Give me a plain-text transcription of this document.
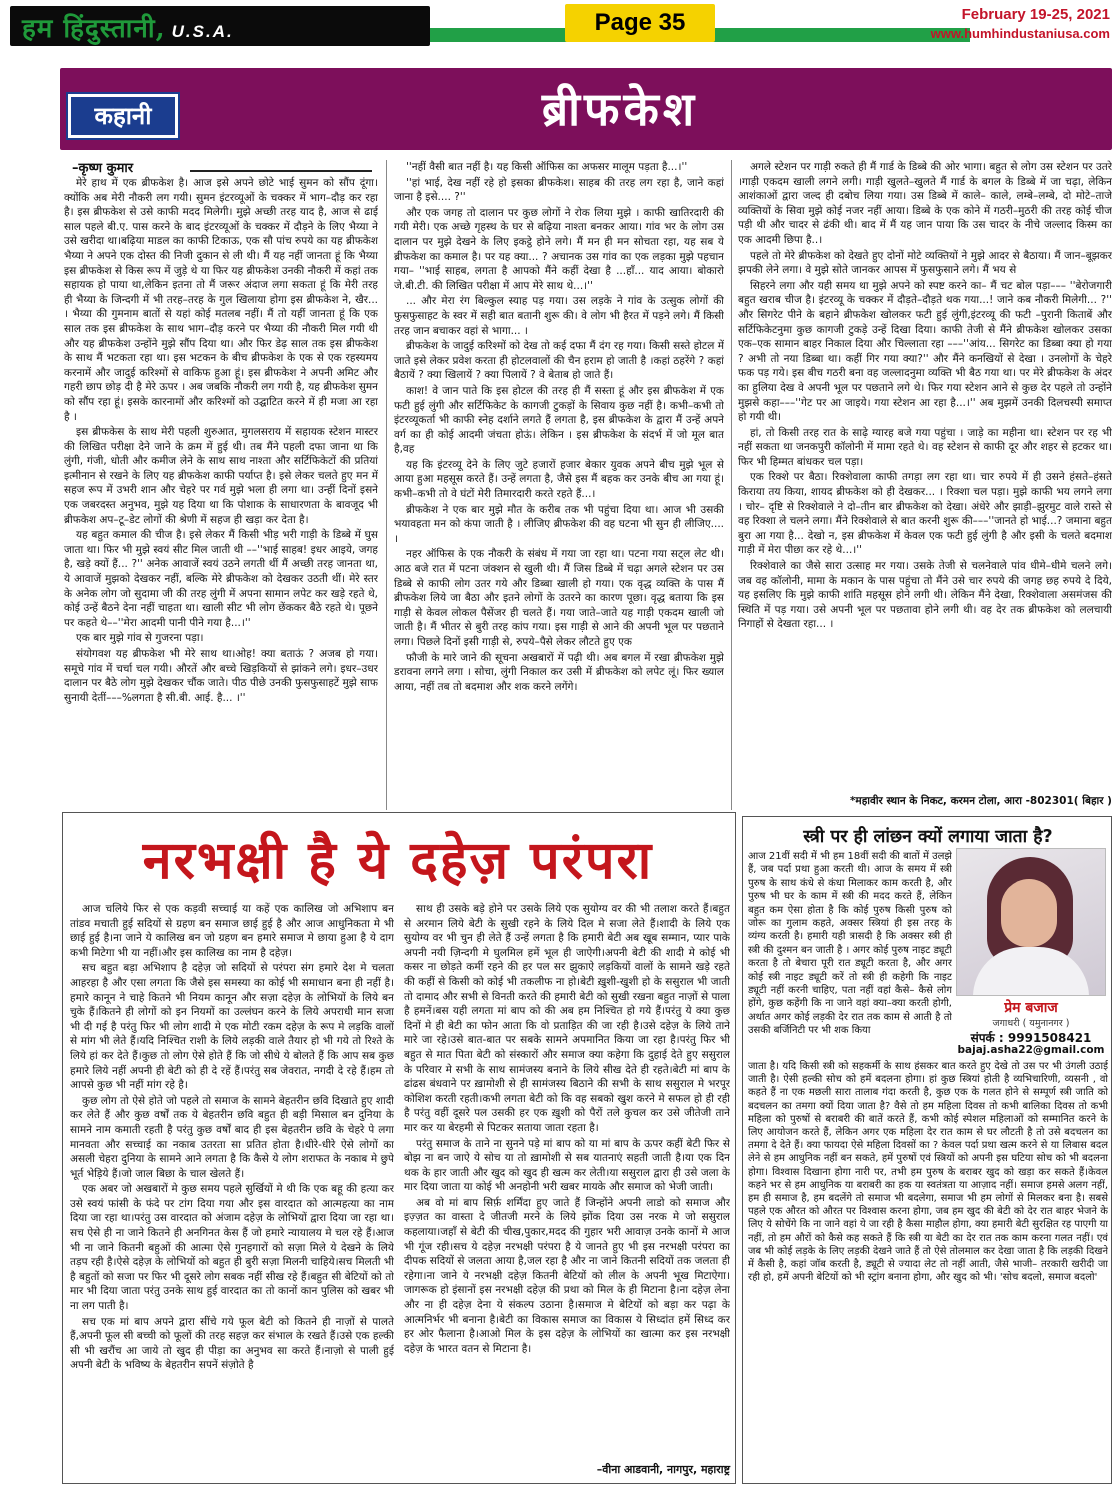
हम हिंदुस्तानी, U.S.A.	Page 35	February 19-25, 2021
www.humhindustaniusa.com
कहानी	ब्रीफकेश
–कृष्ण कुमार

मेरे हाथ में एक ब्रीफकेश है। आज इसे अपने छोटे भाई सुमन को सौंप दूंगा। क्योंकि अब मेरी नौकरी लग गयी। सुमन इंटरव्यूओं के चक्कर में भाग–दौड़ कर रहा है। इस ब्रीफकेश से उसे काफी मदद मिलेगी। मुझे अच्छी तरह याद है, आज से ढाई साल पहले बी.ए. पास करने के बाद इंटरव्यूओं के चक्कर में दौड़ने के लिए भैय्या ने उसे खरीदा था।बढ़िया माडल का काफी टिकाऊ, एक सौ पांच रुपये का यह ब्रीफकेश भैय्या ने अपने एक दोस्त की निजी दुकान से ली थी। मैं यह नहीं जानता हूं कि भैय्या इस ब्रीफकेश से किस रूप में जुड़े थे या फिर यह ब्रीफकेश उनकी नौकरी में कहां तक सहायक हो पाया था,लेकिन इतना तो मैं जरूर अंदाज लगा सकता हूं कि मेरी तरह ही भैय्या के जिन्दगी में भी तरह–तरह के गुल खिलाया होगा इस ब्रीफकेश ने, खैर... । भैय्या की गुमनाम बातों से यहां कोई मतलब नहीं। मैं तो यहीं जानता हूं कि एक साल तक इस ब्रीफकेश के साथ भाग–दौड़ करने पर भैय्या की नौकरी मिल गयी थी और यह ब्रीफकेश उन्होंने मुझे सौंप दिया था। और फिर डेढ़ साल तक इस ब्रीफकेश के साथ मैं भटकता रहा था। इस भटकन के बीच ब्रीफकेश के एक से एक रहस्यमय करनामें और जादुई करिश्मों से वाकिफ हुआ हूं। इस ब्रीफकेश ने अपनी अमिट और गहरी छाप छोड़ दी है मेरे ऊपर । अब जबकि नौकरी लग गयी है, यह ब्रीफकेश सुमन को सौंप रहा हूं। इसके कारनामों और करिश्मों को उद्घाटित करने में ही मजा आ रहा है ।

इस ब्रीफकेस के साथ मेरी पहली शुरुआत, मुगलसराय में सहायक स्टेशन मास्टर की लिखित परीक्षा देने जाने के क्रम में हुई थी। तब मैंने पहली दफा जाना था कि लुंगी, गंजी, धोती और कमीज लेने के साथ साथ नाश्ता और सर्टिफिकेटों की प्रतियां इत्मीनान से रखने के लिए यह ब्रीफकेश काफी पर्याप्त है। इसे लेकर चलते हुए मन में सहज रूप में उभरी शान और चेहरे पर गर्व मुझे भला ही लगा था। उन्हीं दिनों इसने एक जबरदस्त अनुभव, मुझे यह दिया था कि पोशाक के साधारणता के बावजूद भी ब्रीफकेश अप–टू–डेट लोगों की श्रेणी में सहज ही खड़ा कर देता है।

यह बहुत कमाल की चीज है। इसे लेकर मैं किसी भीड़ भरी गाड़ी के डिब्बे में घुस जाता था। फिर भी मुझे स्वयं सीट मिल जाती थी ––''भाई साहब! इधर आइये, जगह है, खड़े क्यों हैं... ?'' अनेक आवाजें स्वयं उठने लगती थीं मैं अच्छी तरह जानता था, ये आवाजें मुझको देखकर नहीं, बल्कि मेरे ब्रीफकेश को देखकर उठती थीं। मेरे स्तर के अनेक लोग जो सुदामा जी की तरह लुंगी में अपना सामान लपेट कर खड़े रहते थे, कोई उन्हें बैठने देना नहीं चाहता था। खाली सीट भी लोग छेंककर बैठे रहते थे। पूछने पर कहते थे––''मेरा आदमी पानी पीने गया है...।''

एक बार मुझे गांव से गुजरना पड़ा।

संयोगवश यह ब्रीफकेश भी मेरे साथ था।ओह! क्या बताऊं ? अजब हो गया। समूचे गांव में चर्चा चल गयी। औरतें और बच्चे खिड़कियों से झांकने लगे। इधर–उधर दालान पर बैठे लोग मुझे देखकर चौंक जाते। पीठ पीछे उनकी फुसफुसाहटें मुझे साफ सुनायी देतीं–––%लगता है सी.बी. आई. है... ।''

''नहीं वैसी बात नहीं है। यह किसी ऑफिस का अफसर मालूम पड़ता है...।''

''हां भाई, देख नहीं रहे हो इसका ब्रीफकेश। साहब की तरह लग रहा है, जाने कहां जाना है इसे.... ?''

और एक जगह तो दालान पर कुछ लोगों ने रोक लिया मुझे । काफी खातिरदारी की गयी मेरी। एक अच्छे गृहस्थ के घर से बढ़िया नाश्ता बनकर आया। गांव भर के लोग उस दालान पर मुझे देखने के लिए इकट्ठे होने लगे। मैं मन ही मन सोचता रहा, यह सब ये ब्रीफकेश का कमाल है। पर यह क्या... ? अचानक उस गांव का एक लड़का मुझे पहचान गया– ''भाई साहब, लगता है आपको मैंने कहीं देखा है ...हाँ... याद आया। बोकारो जे.बी.टी. की लिखित परीक्षा में आप मेरे साथ थे...।''

... और मेरा रंग बिल्कुल स्याह पड़ गया। उस लड़के ने गांव के उत्सुक लोगों की फुसफुसाहट के स्वर में सही बात बतानी शुरू की। वे लोग भी हैरत में पड़ने लगे। मैं किसी तरह जान बचाकर वहां से भागा... ।

ब्रीफकेश के जादुई करिश्मों को देख तो कई दफा मैं दंग रह गया। किसी सस्ते होटल में जाते इसे लेकर प्रवेश करता ही होटलवालों की चैन हराम हो जाती है ।कहां ठहरेंगे ? कहां बैठायें ? क्या खिलायें ? क्या पिलायें ? वे बेताब हो जाते हैं।

काश! वे जान पाते कि इस होटल की तरह ही मैं सस्ता हूं और इस ब्रीफकेश में एक फटी हुई लुंगी और सर्टिफिकेट के कागजी टुकड़ों के सिवाय कुछ नहीं है। कभी–कभी तो इंटरव्यूकर्ता भी काफी स्नेह दर्शाने लगते हैं लगता है, इस ब्रीफकेश के द्वारा मैं उन्हें अपने वर्ग का ही कोई आदमी जंचता होऊं। लेकिन । इस ब्रीफकेश के संदर्भ में जो मूल बात है,वह

यह कि इंटरव्यू देने के लिए जुटे हजारों हजार बेकार युवक अपने बीच मुझे भूल से आया हुआ महसूस करते हैं। उन्हें लगता है, जैसे इस मैं बहक कर उनके बीच आ गया हूं। कभी–कभी तो वे घंटों मेरी तिमारदारी करते रहते हैं...।

ब्रीफकेश ने एक बार मुझे मौत के करीब तक भी पहुंचा दिया था। आज भी उसकी भयावहता मन को कंपा जाती है । लीजिए ब्रीफकेश की वह घटना भी सुन ही लीजिए.... ।

नहर ऑफिस के एक नौकरी के संबंध में गया जा रहा था। पटना गया सट्ल लेट थी। आठ बजे रात में पटना जंक्शन से खुली थी। मैं जिस डिब्बे में चढ़ा अगले स्टेशन पर उस डिब्बे से काफी लोग उतर गये और डिब्बा खाली हो गया। एक वृद्ध व्यक्ति के पास मैं ब्रीफकेश लिये जा बैठा और इतने लोगों के उतरने का कारण पूछा। वृद्ध बताया कि इस गाड़ी से केवल लोकल पैसेंजर ही चलते हैं। गया जाते–जाते यह गाड़ी एकदम खाली जो जाती है। मैं भीतर से बुरी तरह कांप गया। इस गाड़ी से आने की अपनी भूल पर पछताने लगा। पिछले दिनों इसी गाड़ी से, रुपये–पैसे लेकर लौटते हुए एक

फौजी के मारे जाने की सूचना अखबारों में पढ़ी थी। अब बगल में रखा ब्रीफकेश मुझे डरावना लगने लगा । सोचा, लुंगी निकाल कर उसी में ब्रीफकेश को लपेट लूं। फिर ख्याल आया, नहीं तब तो बदमाश और शक करने लगेंगे।

अगले स्टेशन पर गाड़ी रुकते ही मैं गार्ड के डिब्बे की ओर भागा। बहुत से लोग उस स्टेशन पर उतरे ।गाड़ी एकदम खाली लगने लगी। गाड़ी खुलते–खुलते मैं गार्ड के बगल के डिब्बे में जा चढ़ा, लेकिन आशंकाओं द्वारा जल्द ही दबोच लिया गया। उस डिब्बे में काले– काले, लम्बे–लम्बे, दो मोटे–ताजे व्यक्तियों के सिवा मुझे कोई नजर नहीं आया। डिब्बे के एक कोने में गठरी–मुठरी की तरह कोई चीज पड़ी थी और चादर से ढंकी थी। बाद में मैं यह जान पाया कि उस चादर के नीचे जल्लाद किस्म का एक आदमी छिपा है..।

पहले तो मेरे ब्रीफकेश को देखते हुए दोनों मोटे व्यक्तियों ने मुझे आदर से बैठाया। मैं जान–बूझकर झपकी लेने लगा। वे मुझे सोते जानकर आपस में फुसफुसाने लगे। मैं भय से

सिहरने लगा और यही समय था मुझे अपने को स्पष्ट करने का– मैं चट बोल पड़ा––– ''बेरोजगारी बहुत खराब चीज है। इंटरव्यू के चक्कर में दौड़ते–दौड़ते थक गया...! जाने कब नौकरी मिलेगी... ?'' और सिगरेट पीने के बहाने ब्रीफकेश खोलकर फटी हुई लुंगी,इंटरव्यू की फटी –पुरानी किताबें और सर्टिफिकेटनुमा कुछ कागजी टुकड़े उन्हें दिखा दिया। काफी तेजी से मैंने ब्रीफकेश खोलकर उसका एक–एक सामान बाहर निकाल दिया और चिल्लाता रहा –––''आंय... सिगरेट का डिब्बा क्या हो गया ? अभी तो नया डिब्बा था। कहीं गिर गया क्या?'' और मैंने कनखियों से देखा । उनलोगों के चेहरे फक पड़ गये। इस बीच गठरी बना वह जल्लादनुमा व्यक्ति भी बैठ गया था। पर मेरे ब्रीफकेश के अंदर का हुलिया देख वे अपनी भूल पर पछताने लगे थे। फिर गया स्टेशन आने से कुछ देर पहले तो उन्होंने मुझसे कहा–––''गेट पर आ जाइये। गया स्टेशन आ रहा है...।'' अब मुझमें उनकी दिलचस्पी समाप्त हो गयी थी।

हां, तो किसी तरह रात के साढ़े ग्यारह बजे गया पहुंचा । जाड़े का महीना था। स्टेशन पर रह भी नहीं सकता था जनकपुरी कॉलोनी में मामा रहते थे। वह स्टेशन से काफी दूर और शहर से हटकर था। फिर भी हिम्मत बांधकर चल पड़ा।

एक रिक्शे पर बैठा। रिक्शेवाला काफी तगड़ा लग रहा था। चार रुपये में ही उसने हंसते–हंसते किराया तय किया, शायद ब्रीफकेश को ही देखकर... । रिक्शा चल पड़ा। मुझे काफी भय लगने लगा । चोर– दृष्टि से रिक्शेवाले ने दो–तीन बार ब्रीफकेश को देखा। अंधेरे और झाड़ी–झुरमुट वाले रास्ते से वह रिक्शा ले चलने लगा। मैंने रिक्शेवाले से बात करनी शुरू की–––''जानते हो भाई...? जमाना बहुत बुरा आ गया है... देखो न, इस ब्रीफकेश में केवल एक फटी हुई लुंगी है और इसी के चलते बदमाश गाड़ी में मेरा पीछा कर रहे थे...।''

रिक्शेवाले का जैसे सारा उत्साह मर गया। उसके तेजी से चलनेवाले पांव धीमे–धीमे चलने लगे। जब वह कॉलोनी, मामा के मकान के पास पहुंचा तो मैंने उसे चार रुपये की जगह छह रुपये दे दिये, यह इसलिए कि मुझे काफी शांति महसूस होने लगी थी। लेकिन मैंने देखा, रिक्शेवाला असमंजस की स्थिति में पड़ गया। उसे अपनी भूल पर पछतावा होने लगी थी। वह देर तक ब्रीफकेश को ललचायी निगाहों से देखता रहा... ।

*महावीर स्थान के निकट, करमन टोला, आरा -802301( बिहार )
नरभक्षी है ये दहेज़ परंपरा

आज चलिये फिर से एक कड़वी सच्चाई या कहें एक कालिख जो अभिशाप बन तांडव मचाती हुई सदियों से ग्रहण बन समाज छाई हुई है और आज आधुनिकता मे भी छाई हुई है।ना जाने ये कालिख बन जो ग्रहण बन हमारे समाज मे छाया हुआ है ये दाग कभी मिटेगा भी या नहीं।और इस कालिख का नाम है दहेज़।

सच बहुत बड़ा अभिशाप है दहेज़ जो सदियों से परंपरा संग हमारे देश मे चलता आहरहा है और एसा लगता कि जैसे इस समस्या का कोई भी समाधान बना ही नहीं है।हमारे कानून ने चाहे कितने भी नियम कानून और सज़ा दहेज़ के लोभियों के लिये बन चुके हैं।कितने ही लोगों को इन नियमों का उल्लंघन करने के लिये अपराधी मान सजा भी दी गई है परंतु फिर भी लोग शादी मे एक मोटी रकम दहेज़ के रूप मे लड़कि वालों से मांग भी लेते हैं।यदि निश्चित राशी के लिये लड़की वाले तैयार हो भी गये तो रिश्ते के लिये हां कर देते हैं।कुछ तो लोग ऐसे होते हैं कि जो सीधे ये बोलते हैं कि आप सब कुछ हमारे लिये नहीं अपनी ही बेटी को ही दे रहें हैं।परंतु सब जेवरात, नगदी दे रहे हैं।हम तो आपसे कुछ भी नहीं मांग रहे है।

कुछ लोग तो ऐसे होते जो पहले तो समाज के सामने बेहतरीन छवि दिखाते हुए शादी कर लेते हैं और कुछ वर्षों तक ये बेहतरीन छवि बहुत ही बड़ी मिसाल बन दुनिया के सामने नाम कमाती रहती है परंतु कुछ वर्षों बाद ही इस बेहतरीन छवि के चेहरे पे लगा मानवता और सच्चाई का नकाब उतरता सा प्रतित होता है।धीरे-धीरे ऐसे लोगों का असली चेहरा दुनिया के सामने आने लगता है कि कैसे ये लोग शराफत के नकाब मे छुपे भूर्त भेड़िये हैं।जो जाल बिछा के चाल खेलते हैं।

एक अबर जो अखबारों मे कुछ समय पहले सुर्खियों मे थी कि एक बहू की हत्या कर उसे स्वयं फांसी के फंदे पर टांग दिया गया और इस वारदात को आत्महत्या का नाम दिया जा रहा था।परंतु उस वारदात को अंजाम दहेज़ के लोभियों द्वारा दिया जा रहा था।सच ऐसे ही ना जाने कितने ही अनगिनत केस हैं जो हमारे न्यायालय मे चल रहे हैं।आज भी ना जाने कितनी बहुओं की आत्मा ऐसे गुनहगारों को सज़ा मिले ये देखने के लिये तड़प रही है।ऐसे दहेज़ के लोभियों को बहुत ही बुरी सज़ा मिलनी चाहिये।सच मिलती भी है बहुतों को सजा पर फिर भी दूसरे लोग सबक नहीं सीख रहे हैं।बहुत सी बेटियों को तो मार भी दिया जाता परंतु उनके साथ हुई वारदात का तो कानों कान पुलिस को खबर भी ना लग पाती है।

सच एक मां बाप अपने द्वारा सींचे गये फूल बेटी को कितने ही नाज़ों से पालते हैं,अपनी फूल सी बच्ची को फूलों की तरह सहज़ कर संभाल के रखते हैं।उसे एक हल्की सी भी खरौंच आ जाये तो खुद ही पीड़ा का अनुभव सा करते हैं।नाज़ो से पाली हुई अपनी बेटी के भविष्य के बेहतरीन सपनें संज़ोते है

साथ ही उसके बड़े होने पर उसके लिये एक सुयोग्य वर की भी तलाश करते हैं।बहुत से अरमान लिये बेटी के सुखी रहने के लिये दिल मे सजा लेते हैं।शादी के लिये एक सुयोग्य वर भी चुन ही लेते हैं उन्हें लगता है कि हमारी बेटी अब खूब सम्मान, प्यार पाके अपनी नयी ज़िन्दगी मे घुलमिल हमें भूल ही जाऐगी।अपनी बेटी की शादी मे कोई भी कसर ना छोड़ते कमीं रहने की हर पल सर झुकाऐ लड़कियों वालों के सामने खड़े रहते की कहीं से किसी को कोई भी तकलीफ ना हो।बेटी ख़ुशी-खुशी हो के ससुराल भी जाती तो दामाद और सभी से विनती करते की हमारी बेटी को सुखी रखना बहुत नाज़ों से पाला है हमनें।बस यही लगता मां बाप को की अब हम निश्चित हो गये हैं।परंतु ये क्या कुछ दिनों मे ही बेटी का फोन आता कि वो प्रताड़ित की जा रही है।उसे दहेज़ के लिये ताने मारे जा रहे।उसे बात-बात पर सबके सामने अपमानित किया जा रहा है।परंतु फिर भी बहुत से मात पिता बेटी को संस्कारों और समाज क्या कहेगा कि दुहाई देते हुए ससुराल के परिवार मे सभी के साथ सामंजस्य बनाने के लिये सीख देते ही रहते।बेटी मां बाप के ढांढस बंधवाने पर ख़ामोशी से ही सामंजस्य बिठाने की सभी के साथ ससुराल मे भरपूर कोशिश करती रहती।कभी लगता बेटी को कि वह सबको खुश करने मे सफल हो ही रही है परंतु वहीं दूसरे पल उसकी हर एक ख़ुशी को पैरों तले कुचल कर उसे जीतेजी ताने मार कर या बेरहमी से पिटकर सताया जाता रहता है।

परंतु समाज के ताने ना सुनने पड़े मां बाप को या मां बाप के ऊपर कहीं बेटी फिर से बोझ ना बन जाऐ ये सोच या तो ख़ामोशी से सब यातनाएं सहती जाती है।या एक दिन थक के हार जाती और खुद को खुद ही खत्म कर लेती।या ससुराल द्वारा ही उसे जला के मार दिया जाता या कोई भी अनहोनी भरी खबर मायके और समाज को भेजी जाती।

अब वो मां बाप सिर्फ़ शर्मिंदा हुए जाते हैं जिन्होंने अपनी लाडो को समाज और इज़्ज़त का वास्ता दे जीतजी मरने के लिये झोंक दिया उस नरक मे जो ससुराल कहलाया।जहाँ से बेटी की चीख,पुकार,मदद की गुहार भरी आवाज़ उनके कानों मे आज भी गूंज रही।सच ये दहेज़ नरभक्षी परंपरा है ये जानते हुए भी इस नरभक्षी परंपरा का दीपक सदियों से जलता आया है,जल रहा है और ना जाने कितनी सदियों तक जलता ही रहेगा।ना जाने ये नरभक्षी दहेज़ कितनी बेटियों को लील के अपनी भूख मिटाऐगा।जागरूक हो इंसानों इस नरभक्षी दहेज़ की प्रथा को मिल के ही मिटाना है।ना दहेज़ लेना और ना ही दहेज़ देना ये संकल्प उठाना है।समाज मे बेटियों को बड़ा कर पढ़ा के आत्मनिर्भर भी बनाना है।बेटी का विकास समाज का विकास ये सिध्दांत हमें सिध्द कर हर ओर फैलाना है।आओ मिल के इस दहेज़ के लोभियों का खात्मा कर इस नरभक्षी दहेज़ के भारत वतन से मिटाना है।

–वीना आडवानी, नागपुर, महाराष्ट्र
स्त्री पर ही लांछन क्यों लगाया जाता है?
आज 21वीं सदी में भी हम 18वीं सदी की बातों में उलझे हैं, जब पर्दा प्रथा हुआ करती थी। आज के समय में स्त्री पुरुष के साथ कंधे से कंधा मिलाकर काम करती है, और पुरुष भी घर के काम में स्त्री की मदद करते हैं, लेकिन बहुत कम ऐसा होता है कि कोई पुरुष किसी पुरुष को जोरू का गुलाम कहते, अक्सर स्त्रियां ही इस तरह के व्यंग्य करती है। हमारी यही त्रासदी है कि अक्सर स्त्री ही स्त्री की दुश्मन बन जाती है । अगर कोई पुरुष नाइट ड्यूटी करता है तो बेचारा पूरी रात ड्यूटी करता है, और अगर कोई स्त्री नाइट ड्यूटी करें तो स्त्री ही कहेगी कि नाइट ड्यूटी नहीं करनी चाहिए, पता नहीं वहां कैसे– कैसे लोग होंगे, कुछ कहेंगी कि ना जाने वहां क्या–क्या करती होगी, अर्थात अगर कोई लड़की देर रात तक काम से आती है तो उसकी बर्जिनिटी पर भी शक किया
प्रेम बजाज
जगाधरी ( यमुनानगर )
संपर्क : 9991508421
bajaj.asha22@gmail.com
जाता है। यदि किसी स्त्री को सहकर्मी के साथ हंसकर बात करते हुए देखे तो उस पर भी उंगली उठाई जाती है। ऐसी हल्की सोच को हमें बदलना होगा। हां कुछ स्त्रियां होती है व्यभिचारिणी, व्यसनी , वो कहते हैं ना एक मछली सारा तालाब गंदा करती है, कुछ एक के गलत होने से सम्पूर्ण स्त्री जाति को बदचलन का तमगा क्यों दिया जाता है? वैसे तो हम महिला दिवस तो कभी बालिका दिवस तो कभी महिला को पुरुषों से बराबरी की बातें करते हैं, कभी कोई स्पेशल महिलाओं को सम्मानित करने के लिए आयोजन करते हैं, लेकिन अगर एक महिला देर रात काम से घर लौटती है तो उसे बदचलन का तमगा दे देते हैं। क्या फायदा ऐसे महिला दिवसों का ? केवल पर्दा प्रथा खत्म करने से या लिबास बदल लेने से हम आधुनिक नहीं बन सकते, हमें पुरुषों एवं स्त्रियों को अपनी इस घटिया सोच को भी बदलना होगा। विश्वास दिखाना होगा नारी पर, तभी हम पुरुष के बराबर खुद को खड़ा कर सकते हैं।केवल कहने भर से हम आधुनिक या बराबरी का हक या स्वतंत्रता या आज़ाद नहीं। समाज हमसे अलग नहीं, हम ही समाज है, हम बदलेंगे तो समाज भी बदलेगा, समाज भी हम लोगों से मिलकर बना है। सबसे पहले एक औरत को औरत पर विश्वास करना होगा, जब हम खुद की बेटी को देर रात बाहर भेजने के लिए ये सोचेंगे कि ना जाने वहां ये जा रही है कैसा माहौल होगा, क्या हमारी बेटी सुरक्षित रह पाएगी या नहीं, तो हम औरों को कैसे कह सकते हैं कि स्त्री या बेटी का देर रात तक काम करना गलत नहीं। एवं जब भी कोई लड़के के लिए लड़की देखने जाते हैं तो ऐसे तोलमाल कर देखा जाता है कि लड़की दिखने में कैसी है, कहां जॉब करती है, ड्यूटी से ज्यादा लेट तो नहीं आती, जैसे भाजी– तरकारी खरीदी जा रही हो, हमें अपनी बेटियों को भी स्ट्रांग बनाना होगा, और खुद को भी। 'सोच बदलो, समाज बदलो'
